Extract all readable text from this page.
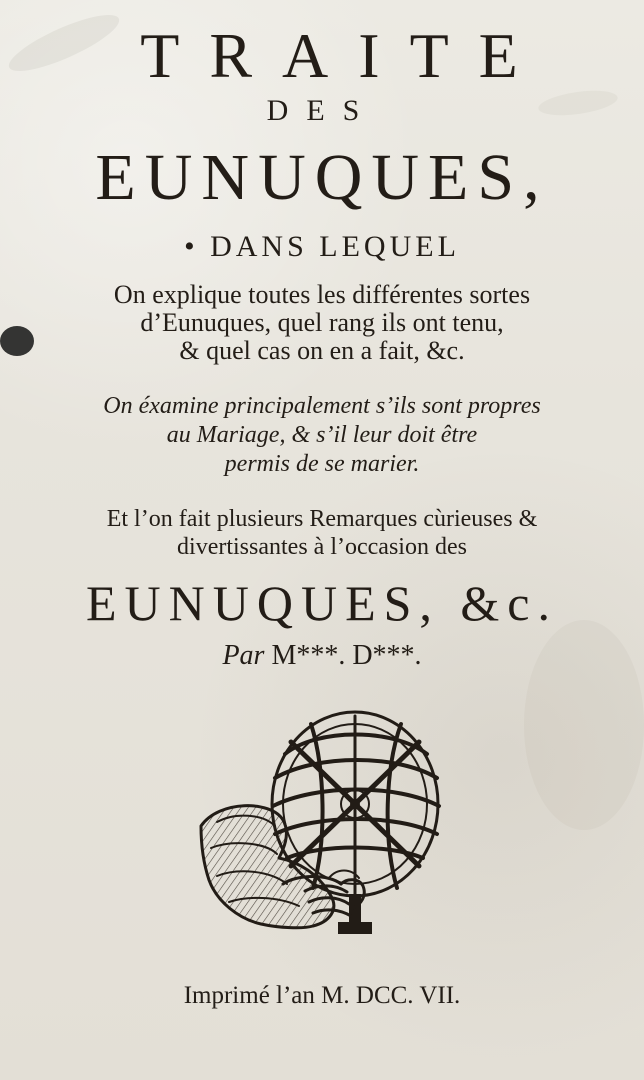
TRAITE
DES
EUNUQUES,
• DANS LEQUEL
On explique toutes les différentes sortes
d’Eunuques, quel rang ils ont tenu,
& quel cas on en a fait, &c.
On éxamine principalement s’ils sont propres
au Mariage, & s’il leur doit être
permis de se marier.
Et l’on fait plusieurs Remarques cùrieuses &
divertissantes à l’occasion des
EUNUQUES, &c.
Par M***. D***.
Imprimé l’an M. DCC. VII.
